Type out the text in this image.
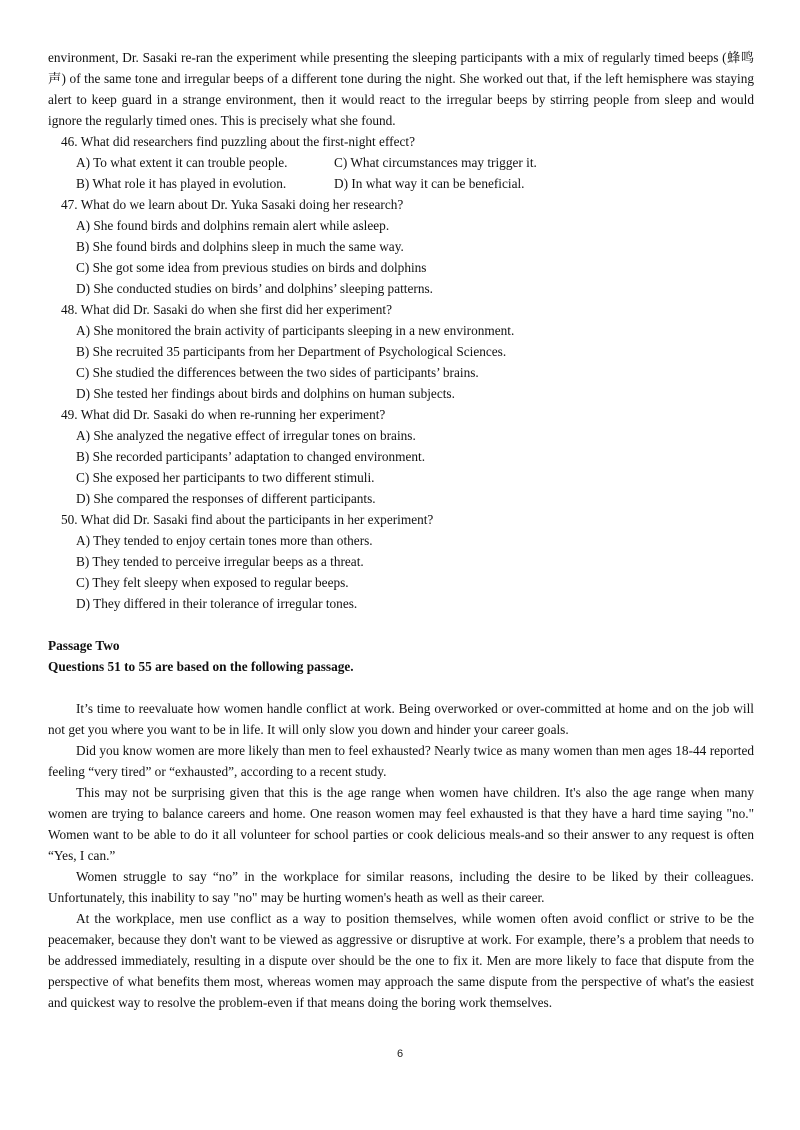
environment, Dr. Sasaki re-ran the experiment while presenting the sleeping participants with a mix of regularly timed beeps (蜂鸣声) of the same tone and irregular beeps of a different tone during the night. She worked out that, if the left hemisphere was staying alert to keep guard in a strange environment, then it would react to the irregular beeps by stirring people from sleep and would ignore the regularly timed ones. This is precisely what she found.

46. What did researchers find puzzling about the first-night effect?

A) To what extent it can trouble people.	C) What circumstances may trigger it.
B) What role it has played in evolution.	D) In what way it can be beneficial.

47. What do we learn about Dr. Yuka Sasaki doing her research?

A) She found birds and dolphins remain alert while asleep.

B) She found birds and dolphins sleep in much the same way.

C) She got some idea from previous studies on birds and dolphins

D) She conducted studies on birds’ and dolphins’ sleeping patterns.

48. What did Dr. Sasaki do when she first did her experiment?

A) She monitored the brain activity of participants sleeping in a new environment.

B) She recruited 35 participants from her Department of Psychological Sciences.

C) She studied the differences between the two sides of participants’ brains.

D) She tested her findings about birds and dolphins on human subjects.

49. What did Dr. Sasaki do when re-running her experiment?

A) She analyzed the negative effect of irregular tones on brains.

B) She recorded participants’ adaptation to changed environment.

C) She exposed her participants to two different stimuli.

D) She compared the responses of different participants.

50. What did Dr. Sasaki find about the participants in her experiment?

A) They tended to enjoy certain tones more than others.

B) They tended to perceive irregular beeps as a threat.

C) They felt sleepy when exposed to regular beeps.

D) They differed in their tolerance of irregular tones.

Passage Two
Questions 51 to 55 are based on the following passage.

It’s time to reevaluate how women handle conflict at work. Being overworked or over-committed at home and on the job will not get you where you want to be in life. It will only slow you down and hinder your career goals.

Did you know women are more likely than men to feel exhausted? Nearly twice as many women than men ages 18-44 reported feeling “very tired” or “exhausted”, according to a recent study.

This may not be surprising given that this is the age range when women have children. It's also the age range when many women are trying to balance careers and home. One reason women may feel exhausted is that they have a hard time saying "no." Women want to be able to do it all volunteer for school parties or cook delicious meals-and so their answer to any request is often “Yes, I can.”

Women struggle to say “no” in the workplace for similar reasons, including the desire to be liked by their colleagues. Unfortunately, this inability to say "no" may be hurting women's heath as well as their career.

At the workplace, men use conflict as a way to position themselves, while women often avoid conflict or strive to be the peacemaker, because they don't want to be viewed as aggressive or disruptive at work. For example, there’s a problem that needs to be addressed immediately, resulting in a dispute over should be the one to fix it. Men are more likely to face that dispute from the perspective of what benefits them most, whereas women may approach the same dispute from the perspective of what's the easiest and quickest way to resolve the problem-even if that means doing the boring work themselves.

6
